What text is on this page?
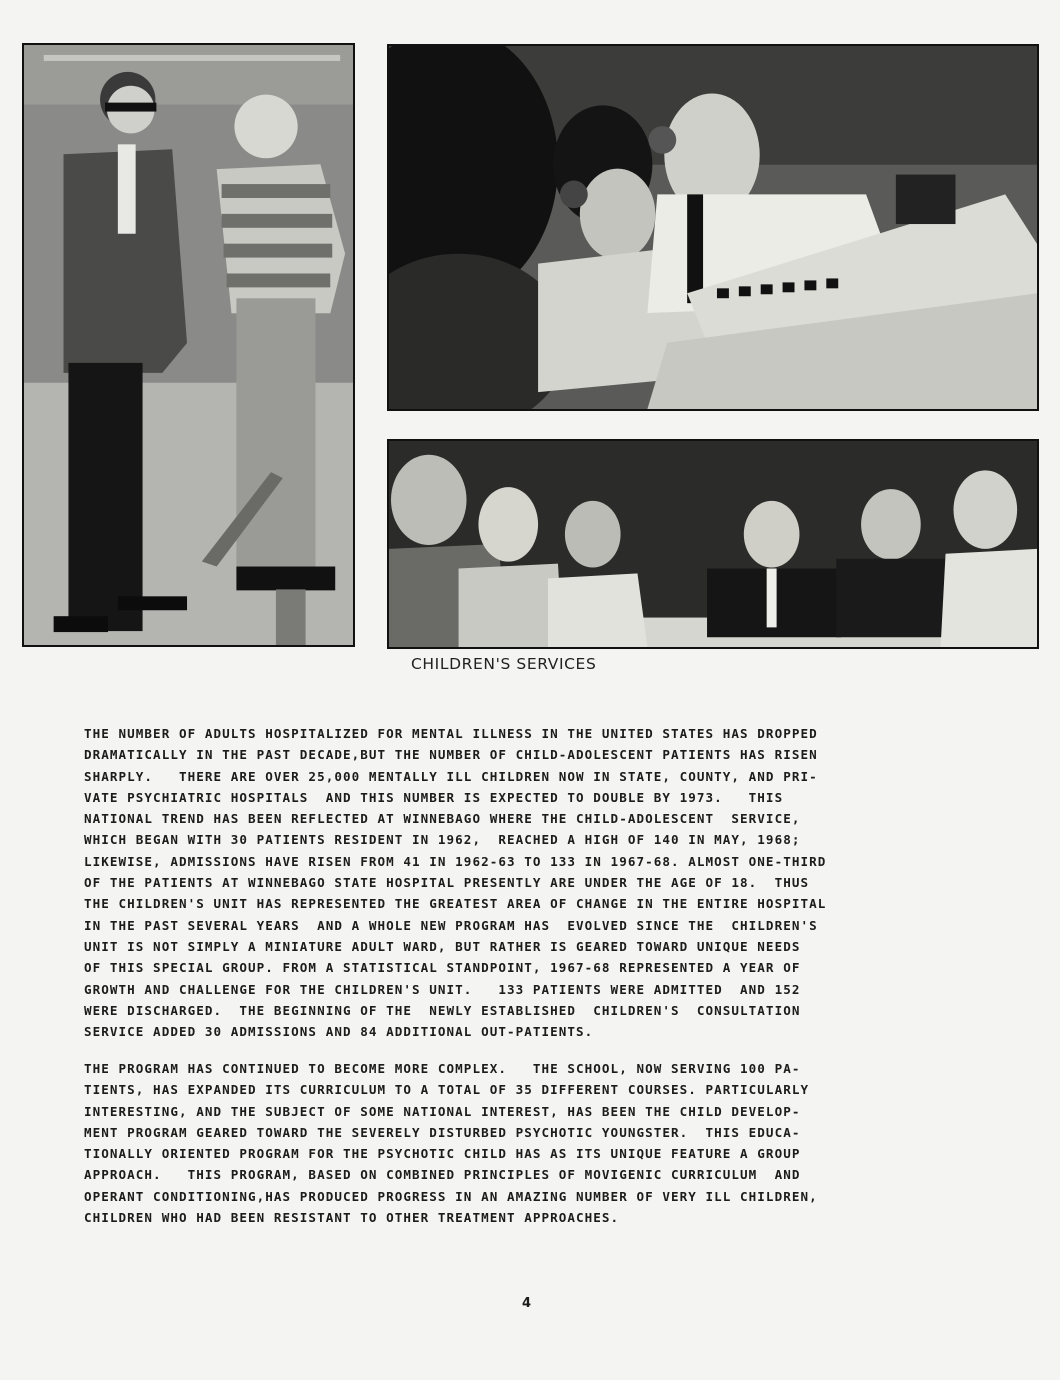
CHILDREN'S SERVICES
THE NUMBER OF ADULTS HOSPITALIZED FOR MENTAL ILLNESS IN THE UNITED STATES HAS DROPPED
DRAMATICALLY IN THE PAST DECADE,BUT THE NUMBER OF CHILD-ADOLESCENT PATIENTS HAS RISEN
SHARPLY.   THERE ARE OVER 25,000 MENTALLY ILL CHILDREN NOW IN STATE, COUNTY, AND PRI-
VATE PSYCHIATRIC HOSPITALS  AND THIS NUMBER IS EXPECTED TO DOUBLE BY 1973.   THIS
NATIONAL TREND HAS BEEN REFLECTED AT WINNEBAGO WHERE THE CHILD-ADOLESCENT  SERVICE,
WHICH BEGAN WITH 30 PATIENTS RESIDENT IN 1962,  REACHED A HIGH OF 140 IN MAY, 1968;
LIKEWISE, ADMISSIONS HAVE RISEN FROM 41 IN 1962-63 TO 133 IN 1967-68. ALMOST ONE-THIRD
OF THE PATIENTS AT WINNEBAGO STATE HOSPITAL PRESENTLY ARE UNDER THE AGE OF 18.  THUS
THE CHILDREN'S UNIT HAS REPRESENTED THE GREATEST AREA OF CHANGE IN THE ENTIRE HOSPITAL
IN THE PAST SEVERAL YEARS  AND A WHOLE NEW PROGRAM HAS  EVOLVED SINCE THE  CHILDREN'S
UNIT IS NOT SIMPLY A MINIATURE ADULT WARD, BUT RATHER IS GEARED TOWARD UNIQUE NEEDS
OF THIS SPECIAL GROUP. FROM A STATISTICAL STANDPOINT, 1967-68 REPRESENTED A YEAR OF
GROWTH AND CHALLENGE FOR THE CHILDREN'S UNIT.   133 PATIENTS WERE ADMITTED  AND 152
WERE DISCHARGED.  THE BEGINNING OF THE  NEWLY ESTABLISHED  CHILDREN'S  CONSULTATION
SERVICE ADDED 30 ADMISSIONS AND 84 ADDITIONAL OUT-PATIENTS.
THE PROGRAM HAS CONTINUED TO BECOME MORE COMPLEX.   THE SCHOOL, NOW SERVING 100 PA-
TIENTS, HAS EXPANDED ITS CURRICULUM TO A TOTAL OF 35 DIFFERENT COURSES. PARTICULARLY
INTERESTING, AND THE SUBJECT OF SOME NATIONAL INTEREST, HAS BEEN THE CHILD DEVELOP-
MENT PROGRAM GEARED TOWARD THE SEVERELY DISTURBED PSYCHOTIC YOUNGSTER.  THIS EDUCA-
TIONALLY ORIENTED PROGRAM FOR THE PSYCHOTIC CHILD HAS AS ITS UNIQUE FEATURE A GROUP
APPROACH.   THIS PROGRAM, BASED ON COMBINED PRINCIPLES OF MOVIGENIC CURRICULUM  AND
OPERANT CONDITIONING,HAS PRODUCED PROGRESS IN AN AMAZING NUMBER OF VERY ILL CHILDREN,
CHILDREN WHO HAD BEEN RESISTANT TO OTHER TREATMENT APPROACHES.
4
